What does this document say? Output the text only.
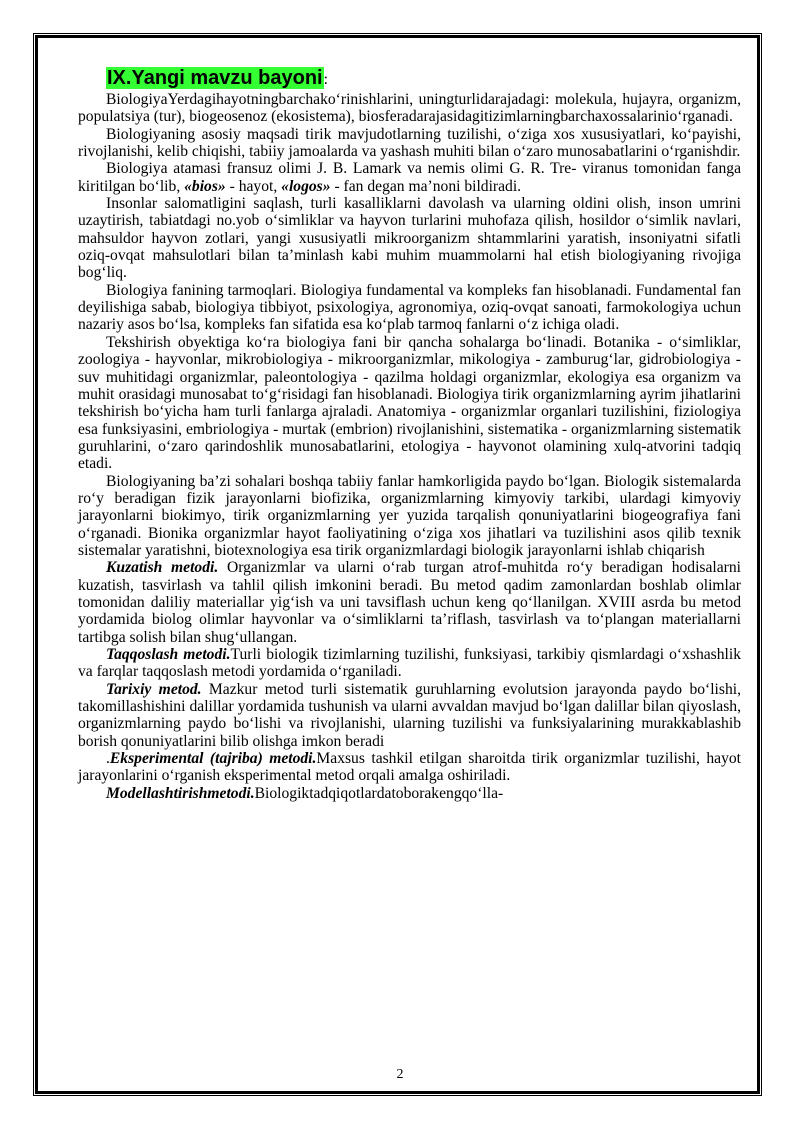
IX.Yangi mavzu bayoni:

BiologiyaYerdagihayotningbarchako‘rinishlarini, uningturlidarajadagi: molekula, hujayra, organizm, populatsiya (tur), biogeosenoz (ekosistema), biosferadarajasidagitizimlarningbarchaxossalarinio‘rganadi.

Biologiyaning asosiy maqsadi tirik mavjudotlarning tuzilishi, o‘ziga xos xususiyatlari, ko‘payishi, rivojlanishi, kelib chiqishi, tabiiy jamoalarda va yashash muhiti bilan o‘zaro munosabatlarini o‘rganishdir.

Biologiya atamasi fransuz olimi J. B. Lamark va nemis olimi G. R. Tre- viranus tomonidan fanga kiritilgan bo‘lib, «bios» - hayot, «logos» - fan degan ma’noni bildiradi.

Insonlar salomatligini saqlash, turli kasalliklarni davolash va ularning oldini olish, inson umrini uzaytirish, tabiatdagi no.yob o‘simliklar va hayvon turlarini muhofaza qilish, hosildor o‘simlik navlari, mahsuldor hayvon zotlari, yangi xususiyatli mikroorganizm shtammlarini yaratish, insoniyatni sifatli oziq-ovqat mahsulotlari bilan ta’minlash kabi muhim muammolarni hal etish biologiyaning rivojiga bog‘liq.

Biologiya fanining tarmoqlari. Biologiya fundamental va kompleks fan hisoblanadi. Fundamental fan deyilishiga sabab, biologiya tibbiyot, psixologiya, agronomiya, oziq-ovqat sanoati, farmokologiya uchun nazariy asos bo‘lsa, kompleks fan sifatida esa ko‘plab tarmoq fanlarni o‘z ichiga oladi.

Tekshirish obyektiga ko‘ra biologiya fani bir qancha sohalarga bo‘linadi. Botanika - o‘simliklar, zoologiya - hayvonlar, mikrobiologiya - mikroorganizmlar, mikologiya - zamburug‘lar, gidrobiologiya - suv muhitidagi organizmlar, paleontologiya - qazilma holdagi organizmlar, ekologiya esa organizm va muhit orasidagi munosabat to‘g‘risidagi fan hisoblanadi. Biologiya tirik organizmlarning ayrim jihatlarini tekshirish bo‘yicha ham turli fanlarga ajraladi. Anatomiya - organizmlar organlari tuzilishini, fiziologiya esa funksiyasini, embriologiya - murtak (embrion) rivojlanishini, sistematika - organizmlarning sistematik guruhlarini, o‘zaro qarindoshlik munosabatlarini, etologiya - hayvonot olamining xulq-atvorini tadqiq etadi.

Biologiyaning ba’zi sohalari boshqa tabiiy fanlar hamkorligida paydo bo‘lgan. Biologik sistemalarda ro‘y beradigan fizik jarayonlarni biofizika, organizmlarning kimyoviy tarkibi, ulardagi kimyoviy jarayonlarni biokimyo, tirik organizmlarning yer yuzida tarqalish qonuniyatlarini biogeografiya fani o‘rganadi. Bionika organizmlar hayot faoliyatining o‘ziga xos jihatlari va tuzilishini asos qilib texnik sistemalar yaratishni, biotexnologiya esa tirik organizmlardagi biologik jarayonlarni ishlab chiqarish

Kuzatish metodi. Organizmlar va ularni o‘rab turgan atrof-muhitda ro‘y beradigan hodisalarni kuzatish, tasvirlash va tahlil qilish imkonini beradi. Bu metod qadim zamonlardan boshlab olimlar tomonidan daliliy materiallar yig‘ish va uni tavsiflash uchun keng qo‘llanilgan. XVIII asrda bu metod yordamida biolog olimlar hayvonlar va o‘simliklarni ta’riflash, tasvirlash va to‘plangan materiallarni tartibga solish bilan shug‘ullangan.

Taqqoslash metodi.Turli biologik tizimlarning tuzilishi, funksiyasi, tarkibiy qismlardagi o‘xshashlik va farqlar taqqoslash metodi yordamida o‘rganiladi.

Tarixiy metod. Mazkur metod turli sistematik guruhlarning evolutsion jarayonda paydo bo‘lishi, takomillashishini dalillar yordamida tushunish va ularni avvaldan mavjud bo‘lgan dalillar bilan qiyoslash, organizmlarning paydo bo‘lishi va rivojlanishi, ularning tuzilishi va funksiyalarining murakkablashib borish qonuniyatlarini bilib olishga imkon beradi

.Eksperimental (tajriba) metodi.Maxsus tashkil etilgan sharoitda tirik organizmlar tuzilishi, hayot jarayonlarini o‘rganish eksperimental metod orqali amalga oshiriladi.

Modellashtirishmetodi.Biologiktadqiqotlardatoborakengqo‘lla-

2
